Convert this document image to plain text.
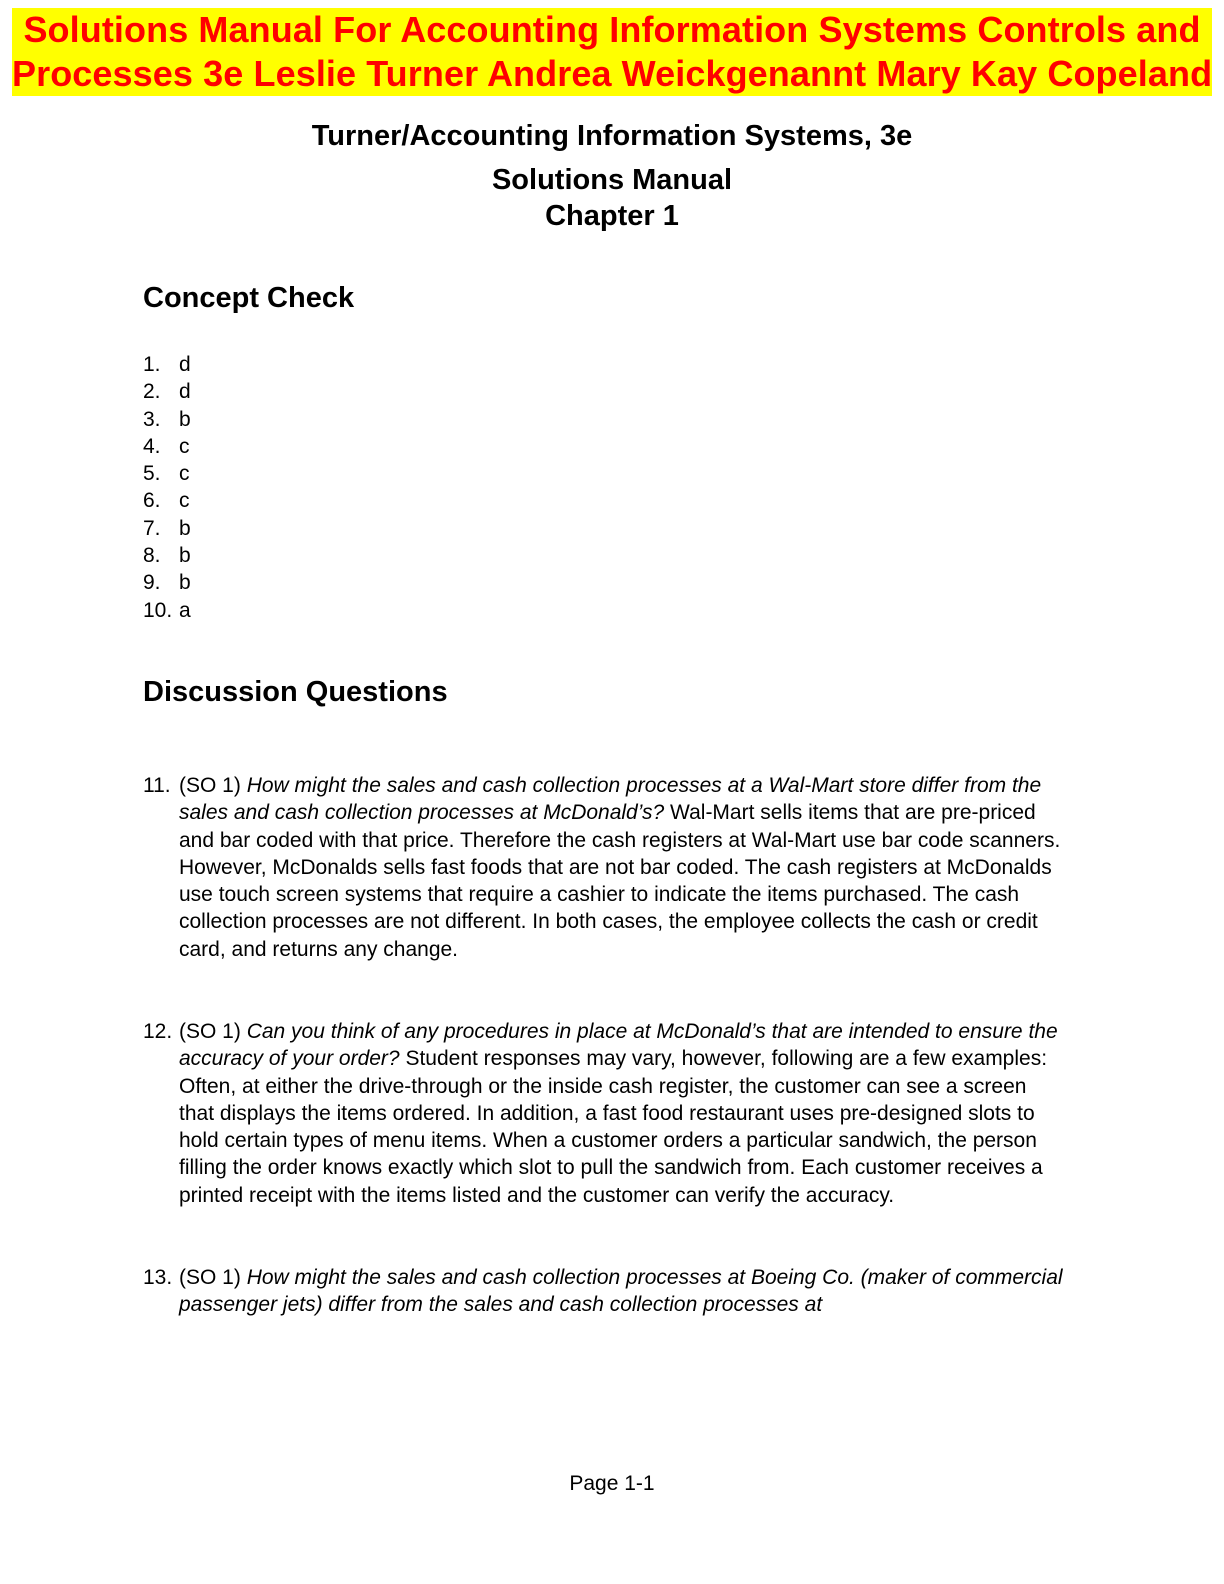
Solutions Manual For Accounting Information Systems Controls and
Processes 3e Leslie Turner Andrea Weickgenannt Mary Kay Copeland
Turner/Accounting Information Systems, 3e
Solutions Manual
Chapter 1
Concept Check
1. d
2. d
3. b
4. c
5. c
6. c
7. b
8. b
9. b
10. a
Discussion Questions
11. (SO 1) How might the sales and cash collection processes at a Wal-Mart store differ from the sales and cash collection processes at McDonald’s? Wal-Mart sells items that are pre-priced and bar coded with that price. Therefore the cash registers at Wal-Mart use bar code scanners. However, McDonalds sells fast foods that are not bar coded. The cash registers at McDonalds use touch screen systems that require a cashier to indicate the items purchased. The cash collection processes are not different. In both cases, the employee collects the cash or credit card, and returns any change.
12. (SO 1) Can you think of any procedures in place at McDonald’s that are intended to ensure the accuracy of your order? Student responses may vary, however, following are a few examples: Often, at either the drive-through or the inside cash register, the customer can see a screen that displays the items ordered. In addition, a fast food restaurant uses pre-designed slots to hold certain types of menu items. When a customer orders a particular sandwich, the person filling the order knows exactly which slot to pull the sandwich from. Each customer receives a printed receipt with the items listed and the customer can verify the accuracy.
13. (SO 1) How might the sales and cash collection processes at Boeing Co. (maker of commercial passenger jets) differ from the sales and cash collection processes at
Page 1-1
